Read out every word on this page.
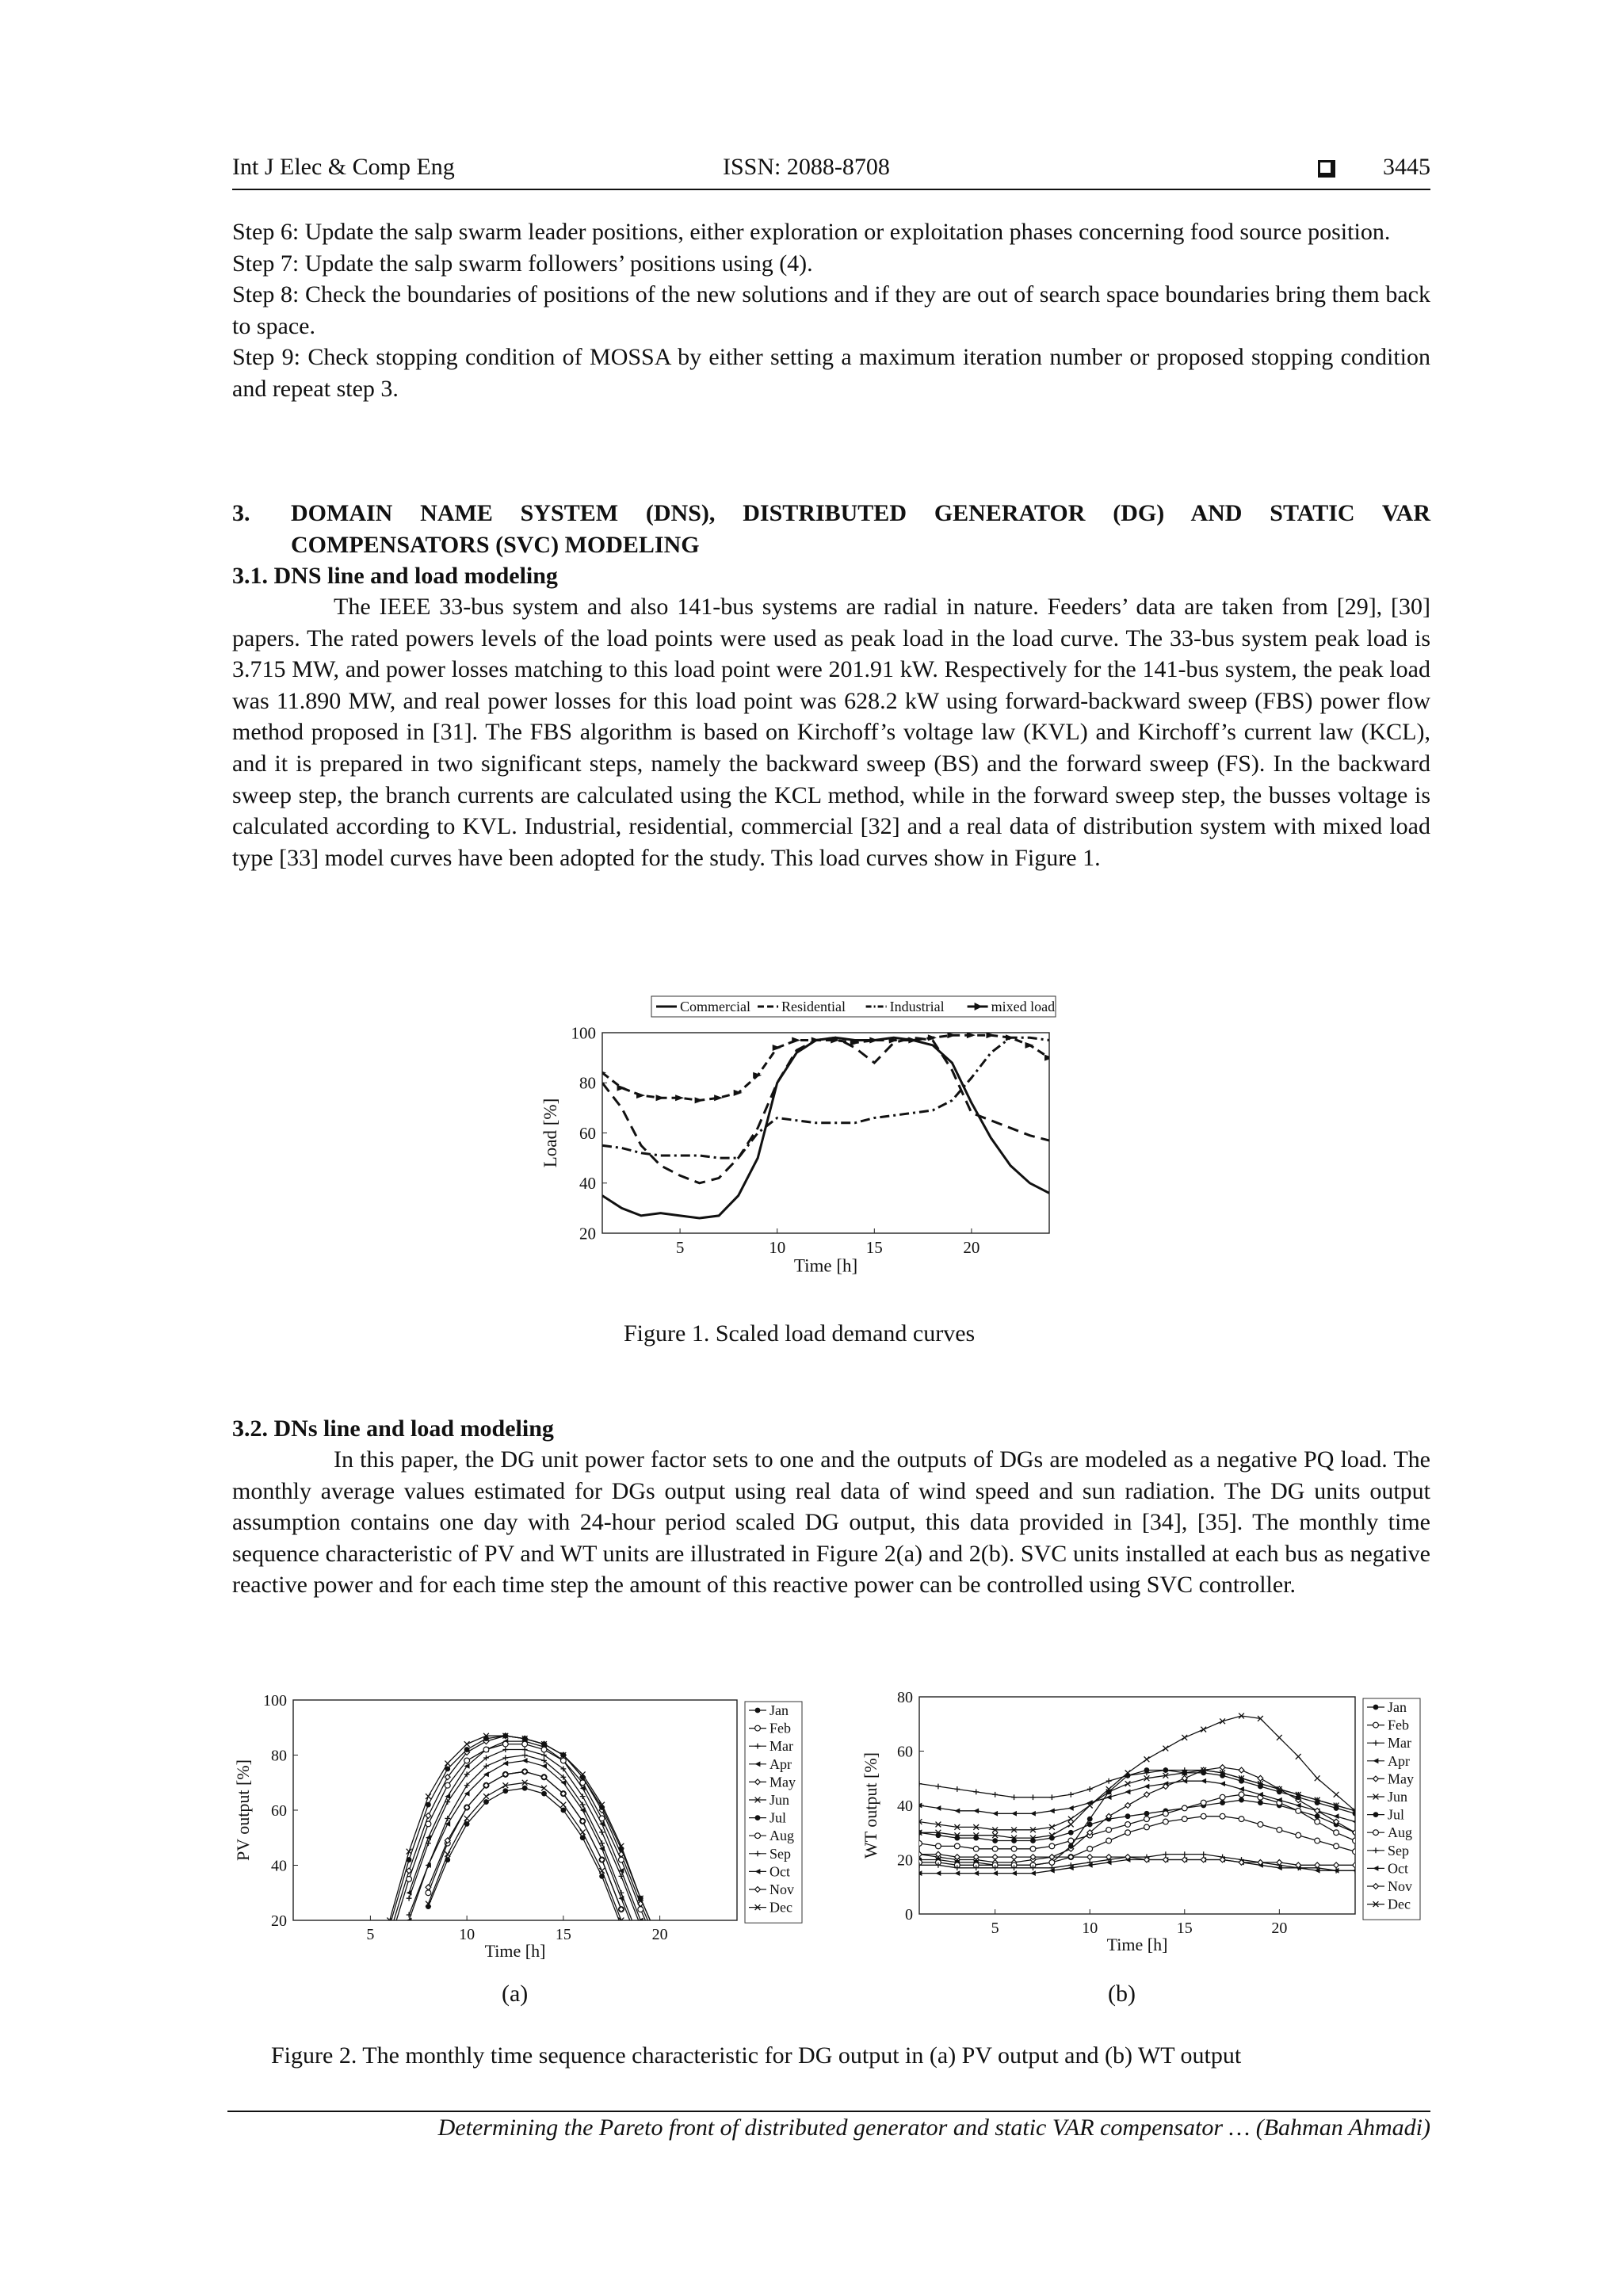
Int J Elec & Comp Eng	ISSN: 2088-8708	3445

Step 6: Update the salp swarm leader positions, either exploration or exploitation phases concerning food source position.

Step 7: Update the salp swarm followers’ positions using (4).

Step 8: Check the boundaries of positions of the new solutions and if they are out of search space boundaries bring them back to space.

Step 9: Check stopping condition of MOSSA by either setting a maximum iteration number or proposed stopping condition and repeat step 3.

3. DOMAIN NAME SYSTEM (DNS), DISTRIBUTED GENERATOR (DG) AND STATIC VAR COMPENSATORS (SVC) MODELING
3.1. DNS line and load modeling

The IEEE 33-bus system and also 141-bus systems are radial in nature. Feeders’ data are taken from [29], [30] papers. The rated powers levels of the load points were used as peak load in the load curve. The 33-bus system peak load is 3.715 MW, and power losses matching to this load point were 201.91 kW. Respectively for the 141-bus system, the peak load was 11.890 MW, and real power losses for this load point was 628.2 kW using forward-backward sweep (FBS) power flow method proposed in [31]. The FBS algorithm is based on Kirchoff’s voltage law (KVL) and Kirchoff’s current law (KCL), and it is prepared in two significant steps, namely the backward sweep (BS) and the forward sweep (FS). In the backward sweep step, the branch currents are calculated using the KCL method, while in the forward sweep step, the busses voltage is calculated according to KVL. Industrial, residential, commercial [32] and a real data of distribution system with mixed load type [33] model curves have been adopted for the study. This load curves show in Figure 1.

5	10	15	20
20
40
60
80
100
Time [h]
Load [%]
Commercial Residential	Industrial	mixed load
Figure 1. Scaled load demand curves
3.2. DNs line and load modeling

In this paper, the DG unit power factor sets to one and the outputs of DGs are modeled as a negative PQ load. The monthly average values estimated for DGs output using real data of wind speed and sun radiation. The DG units output assumption contains one day with 24-hour period scaled DG output, this data provided in [34], [35]. The monthly time sequence characteristic of PV and WT units are illustrated in Figure 2(a) and 2(b). SVC units installed at each bus as negative reactive power and for each time step the amount of this reactive power can be controlled using SVC controller.

5	10	15	20
20
40
60
80
100
Time [h]
PV output [%]
Jan
Feb
Mar
Apr
May
Jun
Jul
Aug
Sep
Oct
Nov
Dec
5	10	15	20
0
20
40
60
80
Time [h]
WT output [%]
Jan
Feb
Mar
Apr
May
Jun
Jul
Aug
Sep
Oct
Nov
Dec
(a)	(b)
Figure 2. The monthly time sequence characteristic for DG output in (a) PV output and (b) WT output
Determining the Pareto front of distributed generator and static VAR compensator … (Bahman Ahmadi)
